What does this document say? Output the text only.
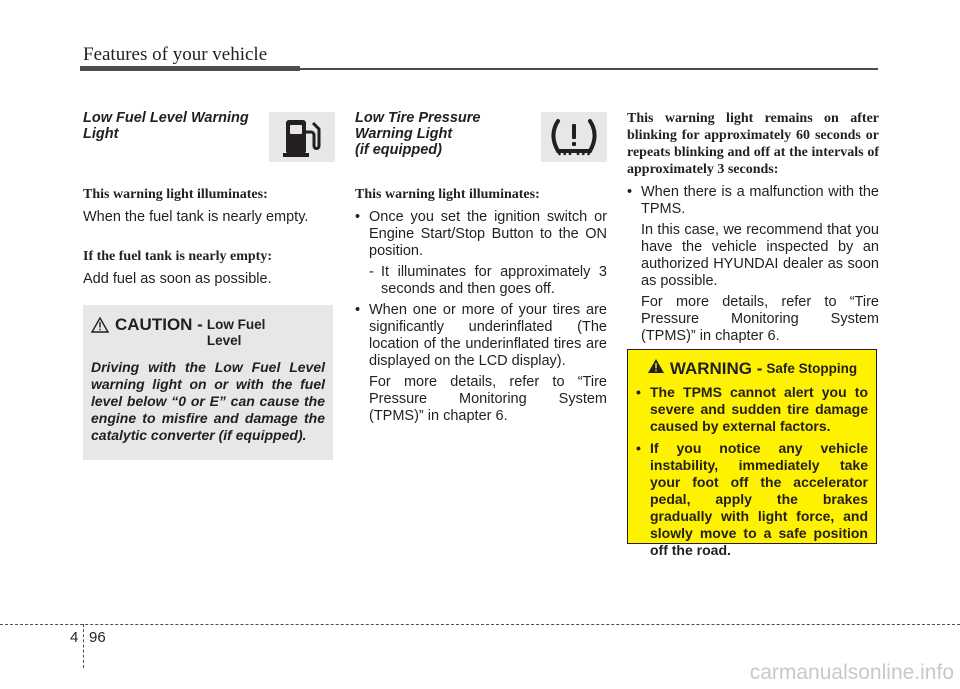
Features of your vehicle
Low Fuel Level Warning
Light
This warning light illuminates:

When the fuel tank is nearly empty.

If the fuel tank is nearly empty:

Add fuel as soon as possible.

CAUTION - Low Fuel
Level
Driving with the Low Fuel Level warning light on or with the fuel level below “0 or E” can cause the engine to misfire and damage the catalytic converter (if equipped).
Low Tire Pressure
Warning Light
(if equipped)
This warning light illuminates:
• Once you set the ignition switch or Engine Start/Stop Button to the ON position.
- It illuminates for approximately 3 seconds and then goes off.
• When one or more of your tires are significantly underinflated (The location of the underinflated tires are displayed on the LCD display).

For more details, refer to “Tire Pressure Monitoring System (TPMS)” in chapter 6.

This warning light remains on after blinking for approximately 60 seconds or repeats blinking and off at the intervals of approximately 3 seconds:
• When there is a malfunction with the TPMS.

In this case, we recommend that you have the vehicle inspected by an authorized HYUNDAI dealer as soon as possible.

For more details, refer to “Tire Pressure Monitoring System (TPMS)” in chapter 6.

WARNING - Safe Stopping
• The TPMS cannot alert you to severe and sudden tire damage caused by external factors.
• If you notice any vehicle instability, immediately take your foot off the accelerator pedal, apply the brakes gradually with light force, and slowly move to a safe position off the road.
4 96
carmanualsonline.info
